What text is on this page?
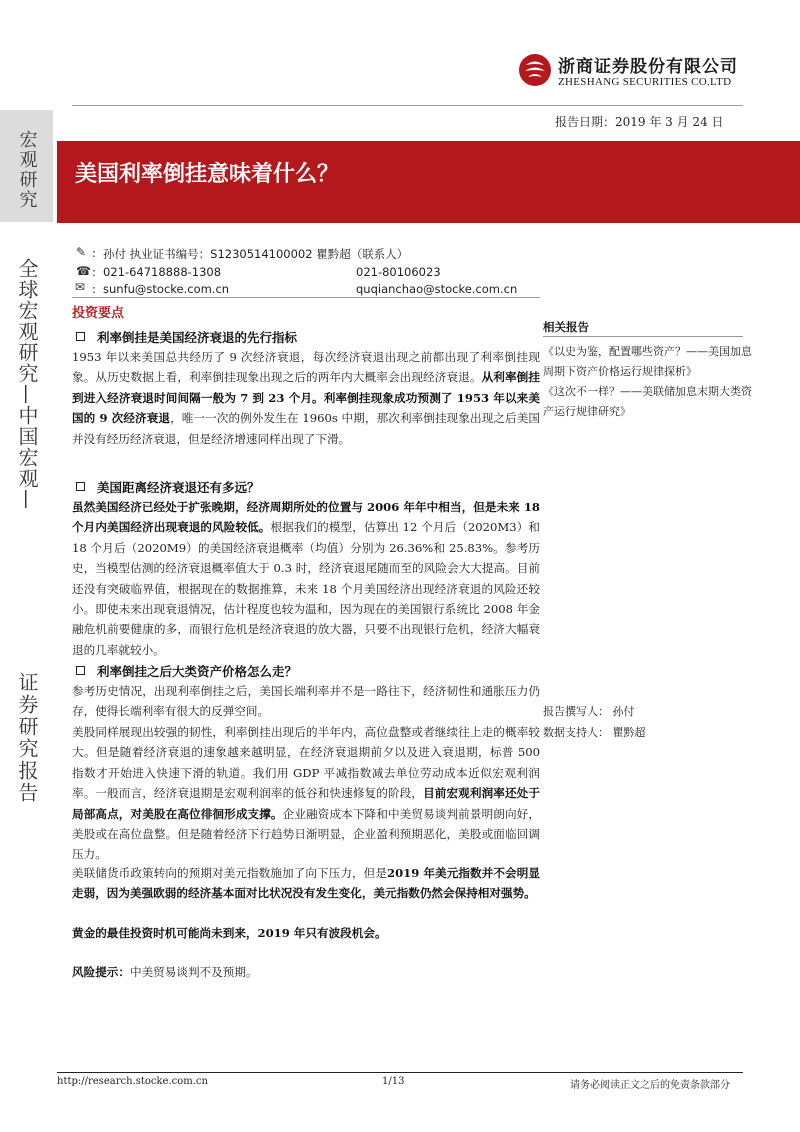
浙商证券股份有限公司
ZHESHANG SECURITIES CO.LTD
报告日期：2019 年 3 月 24 日
宏观研究
全球宏观研究—中国宏观—
证券研究报告
美国利率倒挂意味着什么？
✎
☎
✉
:
:
:
孙付 执业证书编号：S1230514100002 瞿黔超（联系人）
021-64718888-1308	021-80106023
sunfu@stocke.com.cn	quqianchao@stocke.com.cn
投资要点
利率倒挂是美国经济衰退的先行指标
1953 年以来美国总共经历了 9 次经济衰退，每次经济衰退出现之前都出现了利率倒挂现象。从历史数据上看，利率倒挂现象出现之后的两年内大概率会出现经济衰退。从利率倒挂到进入经济衰退时间间隔一般为 7 到 23 个月。利率倒挂现象成功预测了 1953 年以来美国的 9 次经济衰退，唯一一次的例外发生在 1960s 中期，那次利率倒挂现象出现之后美国并没有经历经济衰退，但是经济增速同样出现了下滑。
美国距离经济衰退还有多远？
虽然美国经济已经处于扩张晚期，经济周期所处的位置与 2006 年年中相当，但是未来 18 个月内美国经济出现衰退的风险较低。根据我们的模型，估算出 12 个月后（2020M3）和 18 个月后（2020M9）的美国经济衰退概率（均值）分别为 26.36%和 25.83%。参考历史，当模型估测的经济衰退概率值大于 0.3 时，经济衰退尾随而至的风险会大大提高。目前还没有突破临界值，根据现在的数据推算，未来 18 个月美国经济出现经济衰退的风险还较小。即使未来出现衰退情况，估计程度也较为温和，因为现在的美国银行系统比 2008 年金融危机前要健康的多，而银行危机是经济衰退的放大器，只要不出现银行危机，经济大幅衰退的几率就较小。
利率倒挂之后大类资产价格怎么走？
参考历史情况，出现利率倒挂之后，美国长端利率并不是一路往下，经济韧性和通胀压力仍存，使得长端利率有很大的反弹空间。
美股同样展现出较强的韧性，利率倒挂出现后的半年内，高位盘整或者继续往上走的概率较大。但是随着经济衰退的速象越来越明显，在经济衰退期前夕以及进入衰退期，标普 500 指数才开始进入快速下滑的轨道。我们用 GDP 平减指数减去单位劳动成本近似宏观利润率。一般而言，经济衰退期是宏观利润率的低谷和快速修复的阶段，目前宏观利润率还处于局部高点，对美股在高位徘徊形成支撑。企业融资成本下降和中美贸易谈判前景明朗向好，美股或在高位盘整。但是随着经济下行趋势日渐明显，企业盈利预期恶化，美股或面临回调压力。
美联储货币政策转向的预期对美元指数施加了向下压力，但是2019 年美元指数并不会明显走弱，因为美强欧弱的经济基本面对比状况没有发生变化，美元指数仍然会保持相对强势。
黄金的最佳投资时机可能尚未到来，2019 年只有波段机会。
风险提示：中美贸易谈判不及预期。
相关报告
《以史为鉴，配置哪些资产？——美国加息周期下资产价格运行规律探析》
《这次不一样？——美联储加息末期大类资产运行规律研究》
报告撰写人： 孙付
数据支持人： 瞿黔超
http://research.stocke.com.cn	1/13	请务必阅读正文之后的免责条款部分
